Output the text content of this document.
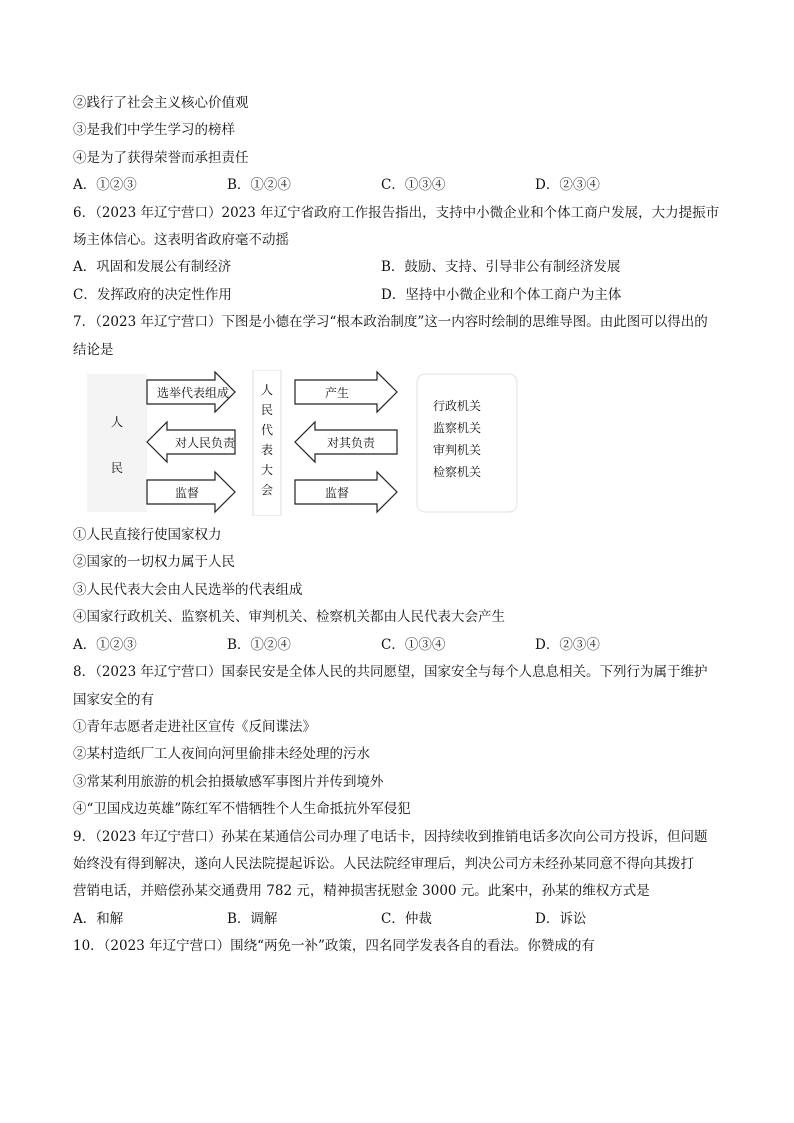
②践行了社会主义核心价值观
③是我们中学生学习的榜样
④是为了获得荣誉而承担责任
A．①②③	B．①②④	C．①③④	D．②③④
6．（2023 年辽宁营口）2023 年辽宁省政府工作报告指出，支持中小微企业和个体工商户发展，大力提振市
场主体信心。这表明省政府毫不动摇
A．巩固和发展公有制经济	B．鼓励、支持、引导非公有制经济发展
C．发挥政府的决定性作用	D．坚持中小微企业和个体工商户为主体
7．（2023 年辽宁营口）下图是小德在学习“根本政治制度”这一内容时绘制的思维导图。由此图可以得出的
结论是
人
民
选举代表组成
对人民负责
监督
人
民
代
表
大
会
产生
对其负责
监督
行政机关
监察机关
审判机关
检察机关
①人民直接行使国家权力
②国家的一切权力属于人民
③人民代表大会由人民选举的代表组成
④国家行政机关、监察机关、审判机关、检察机关都由人民代表大会产生
A．①②③	B．①②④	C．①③④	D．②③④
8．（2023 年辽宁营口）国泰民安是全体人民的共同愿望，国家安全与每个人息息相关。下列行为属于维护
国家安全的有
①青年志愿者走进社区宣传《反间谍法》
②某村造纸厂工人夜间向河里偷排未经处理的污水
③常某利用旅游的机会拍摄敏感军事图片并传到境外
④“卫国戍边英雄”陈红军不惜牺牲个人生命抵抗外军侵犯
9．（2023 年辽宁营口）孙某在某通信公司办理了电话卡，因持续收到推销电话多次向公司方投诉，但问题
始终没有得到解决，遂向人民法院提起诉讼。人民法院经审理后，判决公司方未经孙某同意不得向其拨打
营销电话，并赔偿孙某交通费用 782 元，精神损害抚慰金 3000 元。此案中，孙某的维权方式是
A．和解	B．调解	C．仲裁	D．诉讼
10．（2023 年辽宁营口）围绕“两免一补”政策，四名同学发表各自的看法。你赞成的有
